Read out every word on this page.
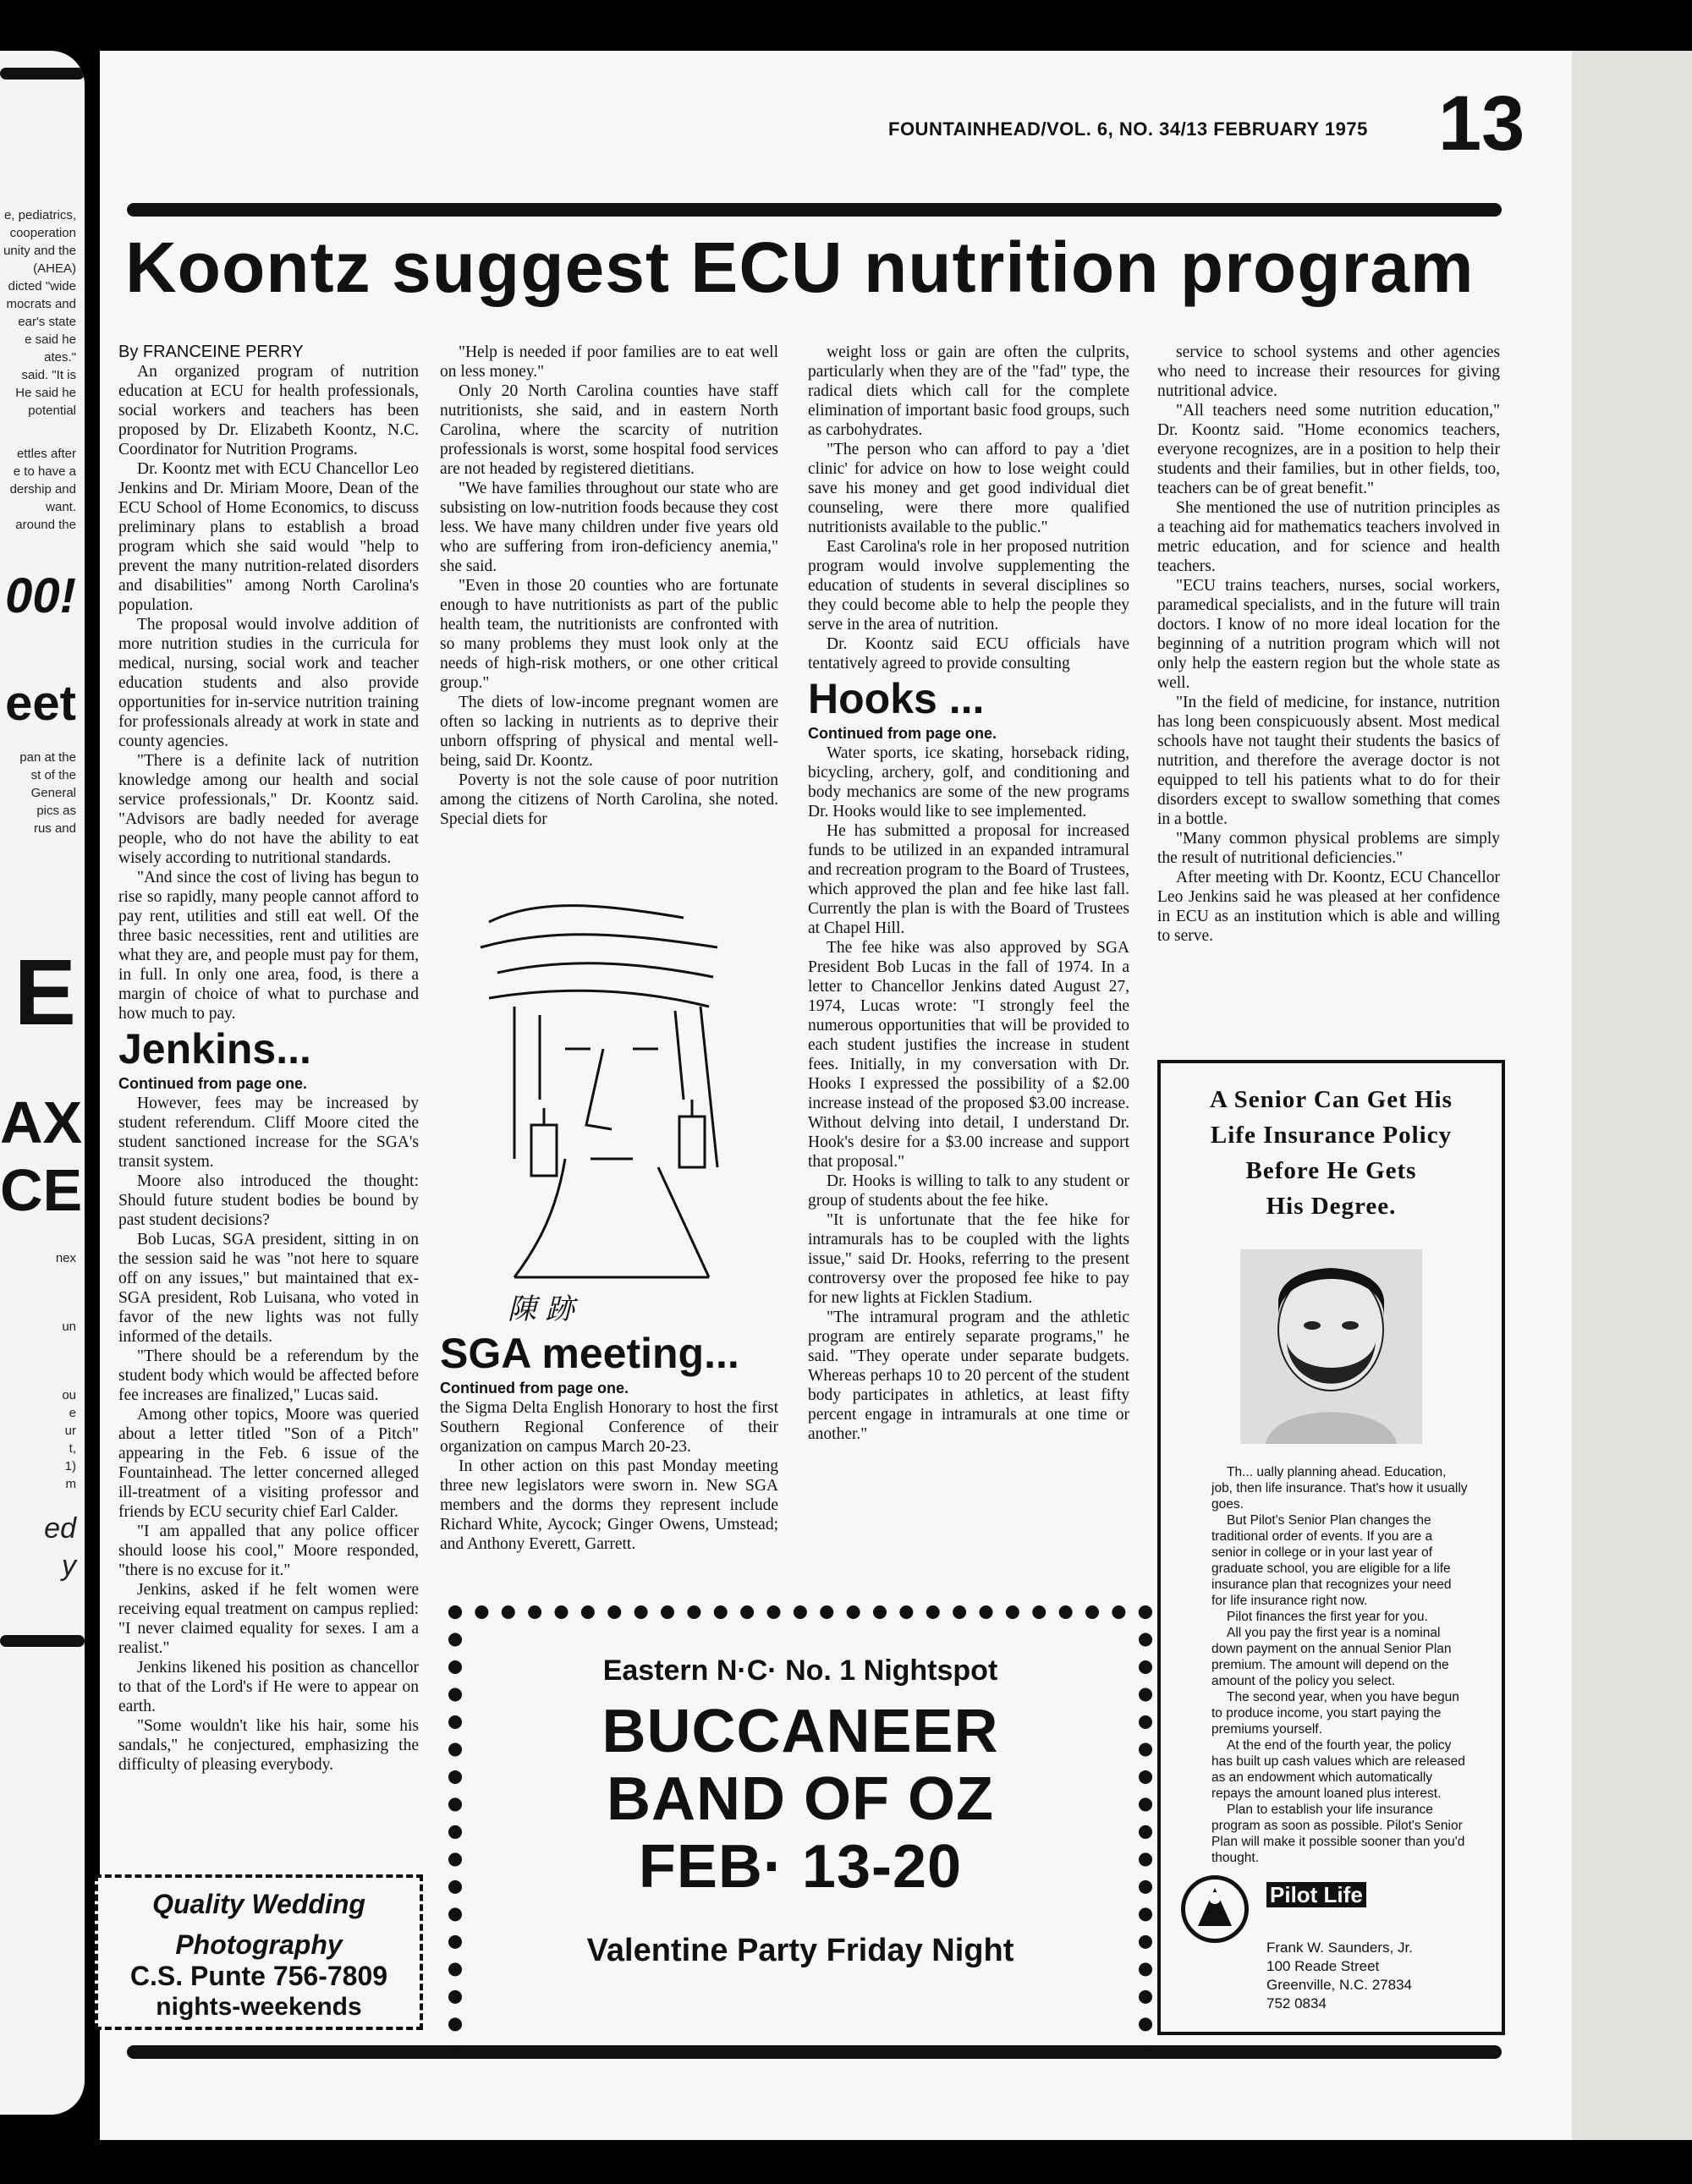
e, pediatrics,
cooperation
unity and the
(AHEA)
dicted "wide
mocrats and
ear's state
e said he
ates."
said. "It is
He said he
potential
ettles after
e to have a
dership and
want.
around the
00!
eet
pan at the
st of the
General
pics as
rus and
E
AX
CE
nex
un
ou
e
ur
t,
1)
m
ed
y
FOUNTAINHEAD/VOL. 6, NO. 34/13 FEBRUARY 1975 13
Koontz suggest ECU nutrition program

By FRANCEINE PERRY

An organized program of nutrition education at ECU for health professionals, social workers and teachers has been proposed by Dr. Elizabeth Koontz, N.C. Coordinator for Nutrition Programs.

Dr. Koontz met with ECU Chancellor Leo Jenkins and Dr. Miriam Moore, Dean of the ECU School of Home Economics, to discuss preliminary plans to establish a broad program which she said would "help to prevent the many nutrition-related disorders and disabilities" among North Carolina's population.

The proposal would involve addition of more nutrition studies in the curricula for medical, nursing, social work and teacher education students and also provide opportunities for in-service nutrition training for professionals already at work in state and county agencies.

"There is a definite lack of nutrition knowledge among our health and social service professionals," Dr. Koontz said. "Advisors are badly needed for average people, who do not have the ability to eat wisely according to nutritional standards.

"And since the cost of living has begun to rise so rapidly, many people cannot afford to pay rent, utilities and still eat well. Of the three basic necessities, rent and utilities are what they are, and people must pay for them, in full. In only one area, food, is there a margin of choice of what to purchase and how much to pay.

Jenkins...

Continued from page one.

However, fees may be increased by student referendum. Cliff Moore cited the student sanctioned increase for the SGA's transit system.

Moore also introduced the thought: Should future student bodies be bound by past student decisions?

Bob Lucas, SGA president, sitting in on the session said he was "not here to square off on any issues," but maintained that ex-SGA president, Rob Luisana, who voted in favor of the new lights was not fully informed of the details.

"There should be a referendum by the student body which would be affected before fee increases are finalized," Lucas said.

Among other topics, Moore was queried about a letter titled "Son of a Pitch" appearing in the Feb. 6 issue of the Fountainhead. The letter concerned alleged ill-treatment of a visiting professor and friends by ECU security chief Earl Calder.

"I am appalled that any police officer should loose his cool," Moore responded, "there is no excuse for it."

Jenkins, asked if he felt women were receiving equal treatment on campus replied: "I never claimed equality for sexes. I am a realist."

Jenkins likened his position as chancellor to that of the Lord's if He were to appear on earth.

"Some wouldn't like his hair, some his sandals," he conjectured, emphasizing the difficulty of pleasing everybody.

"Help is needed if poor families are to eat well on less money."

Only 20 North Carolina counties have staff nutritionists, she said, and in eastern North Carolina, where the scarcity of nutrition professionals is worst, some hospital food services are not headed by registered dietitians.

"We have families throughout our state who are subsisting on low-nutrition foods because they cost less. We have many children under five years old who are suffering from iron-deficiency anemia," she said.

"Even in those 20 counties who are fortunate enough to have nutritionists as part of the public health team, the nutritionists are confronted with so many problems they must look only at the needs of high-risk mothers, or one other critical group."

The diets of low-income pregnant women are often so lacking in nutrients as to deprive their unborn offspring of physical and mental well-being, said Dr. Koontz.

Poverty is not the sole cause of poor nutrition among the citizens of North Carolina, she noted. Special diets for

陳 跡

SGA meeting...

Continued from page one.

the Sigma Delta English Honorary to host the first Southern Regional Conference of their organization on campus March 20-23.

In other action on this past Monday meeting three new legislators were sworn in. New SGA members and the dorms they represent include Richard White, Aycock; Ginger Owens, Umstead; and Anthony Everett, Garrett.

weight loss or gain are often the culprits, particularly when they are of the "fad" type, the radical diets which call for the complete elimination of important basic food groups, such as carbohydrates.

"The person who can afford to pay a 'diet clinic' for advice on how to lose weight could save his money and get good individual diet counseling, were there more qualified nutritionists available to the public."

East Carolina's role in her proposed nutrition program would involve supplementing the education of students in several disciplines so they could become able to help the people they serve in the area of nutrition.

Dr. Koontz said ECU officials have tentatively agreed to provide consulting

Hooks ...

Continued from page one.

Water sports, ice skating, horseback riding, bicycling, archery, golf, and conditioning and body mechanics are some of the new programs Dr. Hooks would like to see implemented.

He has submitted a proposal for increased funds to be utilized in an expanded intramural and recreation program to the Board of Trustees, which approved the plan and fee hike last fall. Currently the plan is with the Board of Trustees at Chapel Hill.

The fee hike was also approved by SGA President Bob Lucas in the fall of 1974. In a letter to Chancellor Jenkins dated August 27, 1974, Lucas wrote: "I strongly feel the numerous opportunities that will be provided to each student justifies the increase in student fees. Initially, in my conversation with Dr. Hooks I expressed the possibility of a $2.00 increase instead of the proposed $3.00 increase. Without delving into detail, I understand Dr. Hook's desire for a $3.00 increase and support that proposal."

Dr. Hooks is willing to talk to any student or group of students about the fee hike.

"It is unfortunate that the fee hike for intramurals has to be coupled with the lights issue," said Dr. Hooks, referring to the present controversy over the proposed fee hike to pay for new lights at Ficklen Stadium.

"The intramural program and the athletic program are entirely separate programs," he said. "They operate under separate budgets. Whereas perhaps 10 to 20 percent of the student body participates in athletics, at least fifty percent engage in intramurals at one time or another."

service to school systems and other agencies who need to increase their resources for giving nutritional advice.

"All teachers need some nutrition education," Dr. Koontz said. "Home economics teachers, everyone recognizes, are in a position to help their students and their families, but in other fields, too, teachers can be of great benefit."

She mentioned the use of nutrition principles as a teaching aid for mathematics teachers involved in metric education, and for science and health teachers.

"ECU trains teachers, nurses, social workers, paramedical specialists, and in the future will train doctors. I know of no more ideal location for the beginning of a nutrition program which will not only help the eastern region but the whole state as well.

"In the field of medicine, for instance, nutrition has long been conspicuously absent. Most medical schools have not taught their students the basics of nutrition, and therefore the average doctor is not equipped to tell his patients what to do for their disorders except to swallow something that comes in a bottle.

"Many common physical problems are simply the result of nutritional deficiencies."

After meeting with Dr. Koontz, ECU Chancellor Leo Jenkins said he was pleased at her confidence in ECU as an institution which is able and willing to serve.

Quality Wedding
Photography
C.S. Punte 756-7809
nights-weekends
Eastern N·C· No. 1 Nightspot
BUCCANEER
BAND OF OZ
FEB· 13-20
Valentine Party Friday Night
A Senior Can Get His
Life Insurance Policy
Before He Gets
His Degree.

Th... ually planning ahead. Education, job, then life insurance. That's how it usually goes.

But Pilot's Senior Plan changes the traditional order of events. If you are a senior in college or in your last year of graduate school, you are eligible for a life insurance plan that recognizes your need for life insurance right now.

Pilot finances the first year for you.

All you pay the first year is a nominal down payment on the annual Senior Plan premium. The amount will depend on the amount of the policy you select.

The second year, when you have begun to produce income, you start paying the premiums yourself.

At the end of the fourth year, the policy has built up cash values which are released as an endowment which automatically repays the amount loaned plus interest.

Plan to establish your life insurance program as soon as possible. Pilot's Senior Plan will make it possible sooner than you'd thought.

Pilot Life
Frank W. Saunders, Jr.
100 Reade Street
Greenville, N.C. 27834
752 0834
